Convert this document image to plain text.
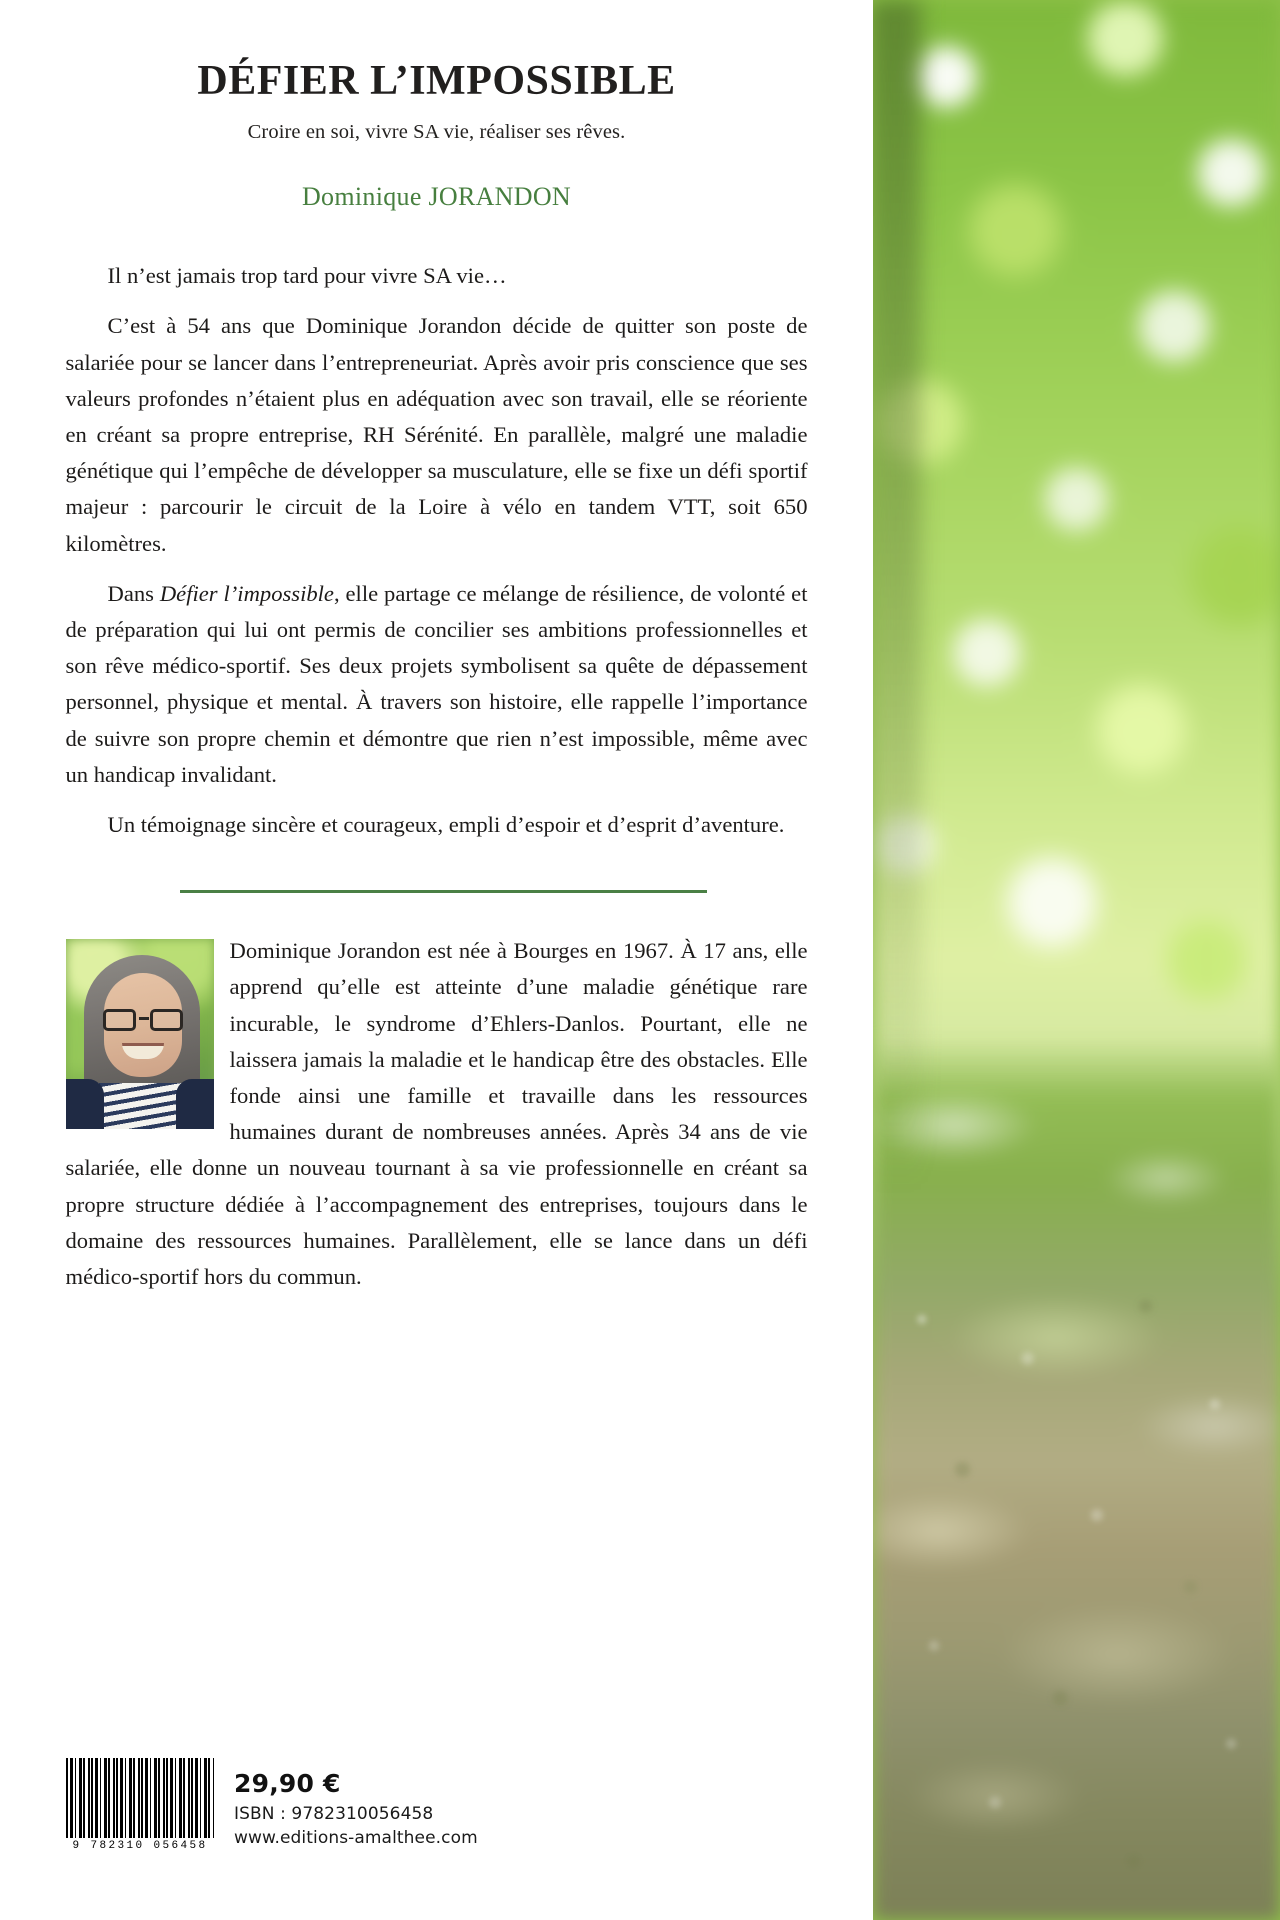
DÉFIER L’IMPOSSIBLE
Croire en soi, vivre SA vie, réaliser ses rêves.
Dominique JORANDON

Il n’est jamais trop tard pour vivre SA vie…

C’est à 54 ans que Dominique Jorandon décide de quitter son poste de salariée pour se lancer dans l’entrepreneuriat. Après avoir pris conscience que ses valeurs profondes n’étaient plus en adéquation avec son travail, elle se réoriente en créant sa propre entreprise, RH Sérénité. En parallèle, malgré une maladie génétique qui l’empêche de développer sa musculature, elle se fixe un défi sportif majeur : parcourir le circuit de la Loire à vélo en tandem VTT, soit 650 kilomètres.

Dans Défier l’impossible, elle partage ce mélange de résilience, de volonté et de préparation qui lui ont permis de concilier ses ambitions professionnelles et son rêve médico-sportif. Ses deux projets symbolisent sa quête de dépassement personnel, physique et mental. À travers son histoire, elle rappelle l’importance de suivre son propre chemin et démontre que rien n’est impossible, même avec un handicap invalidant.

Un témoignage sincère et courageux, empli d’espoir et d’esprit d’aventure.

Dominique Jorandon est née à Bourges en 1967. À 17 ans, elle apprend qu’elle est atteinte d’une maladie génétique rare incurable, le syndrome d’Ehlers-Danlos. Pourtant, elle ne laissera jamais la maladie et le handicap être des obstacles. Elle fonde ainsi une famille et travaille dans les ressources humaines durant de nombreuses années. Après 34 ans de vie salariée, elle donne un nouveau tournant à sa vie professionnelle en créant sa propre structure dédiée à l’accompagnement des entreprises, toujours dans le domaine des ressources humaines. Parallèlement, elle se lance dans un défi médico-sportif hors du commun.

9 782310 056458
29,90 €
ISBN : 9782310056458
www.editions-amalthee.com
